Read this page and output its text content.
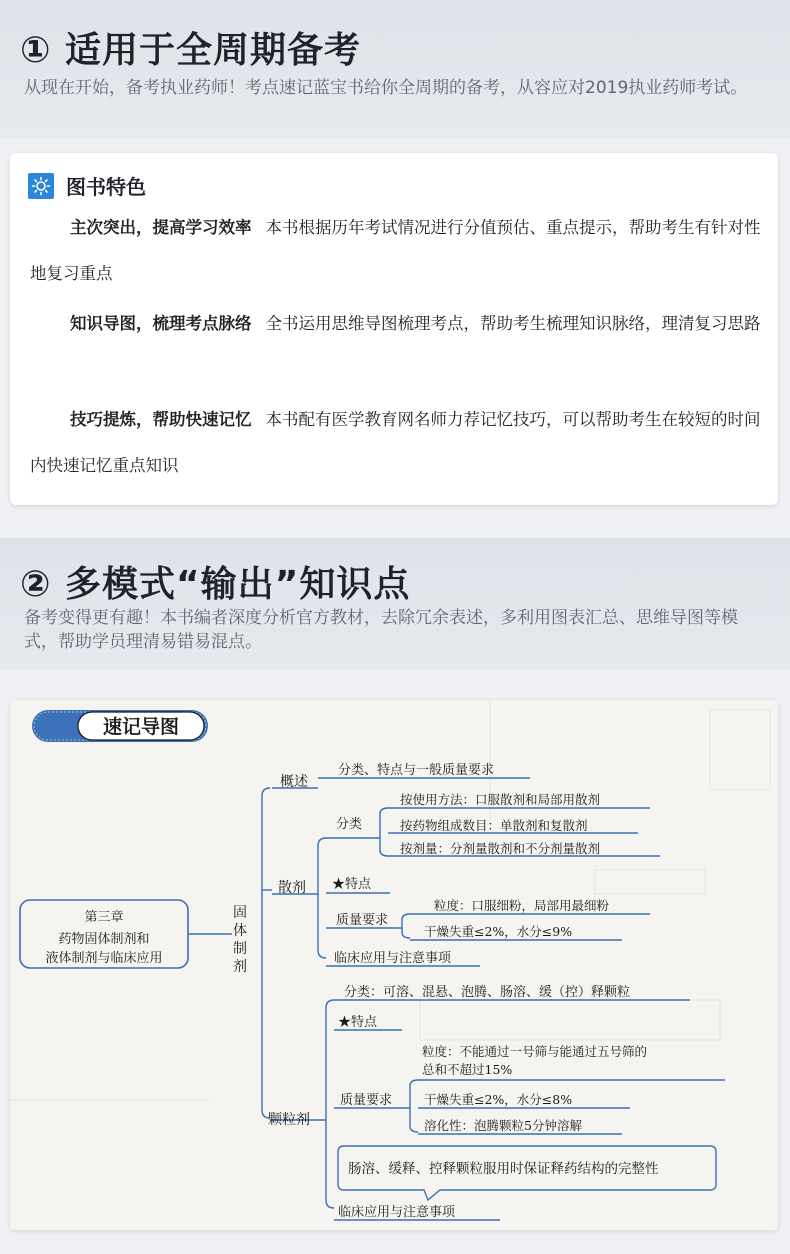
① 适用于全周期备考
从现在开始，备考执业药师！考点速记蓝宝书给你全周期的备考，从容应对2019执业药师考试。
图书特色
主次突出，提高学习效率 本书根据历年考试情况进行分值预估、重点提示，帮助考生有针对性地复习重点
知识导图，梳理考点脉络 全书运用思维导图梳理考点，帮助考生梳理知识脉络，理清复习思路
技巧提炼，帮助快速记忆 本书配有医学教育网名师力荐记忆技巧，可以帮助考生在较短的时间内快速记忆重点知识
② 多模式“输出”知识点
备考变得更有趣！本书编者深度分析官方教材，去除冗余表述，多利用图表汇总、思维导图等模式，帮助学员理清易错易混点。
速记导图
第三章
药物固体制剂和
液体制剂与临床应用
固
体
制
剂
概述
分类、特点与一般质量要求
散剂
分类
按使用方法：口服散剂和局部用散剂
按药物组成数目：单散剂和复散剂
按剂量：分剂量散剂和不分剂量散剂
★特点
质量要求
粒度：口服细粉，局部用最细粉
干燥失重≤2%，水分≤9%
临床应用与注意事项
颗粒剂
分类：可溶、混悬、泡腾、肠溶、缓（控）释颗粒
★特点
质量要求
粒度：不能通过一号筛与能通过五号筛的
总和不超过15%
干燥失重≤2%，水分≤8%
溶化性：泡腾颗粒5分钟溶解
肠溶、缓释、控释颗粒服用时保证释药结构的完整性
临床应用与注意事项
